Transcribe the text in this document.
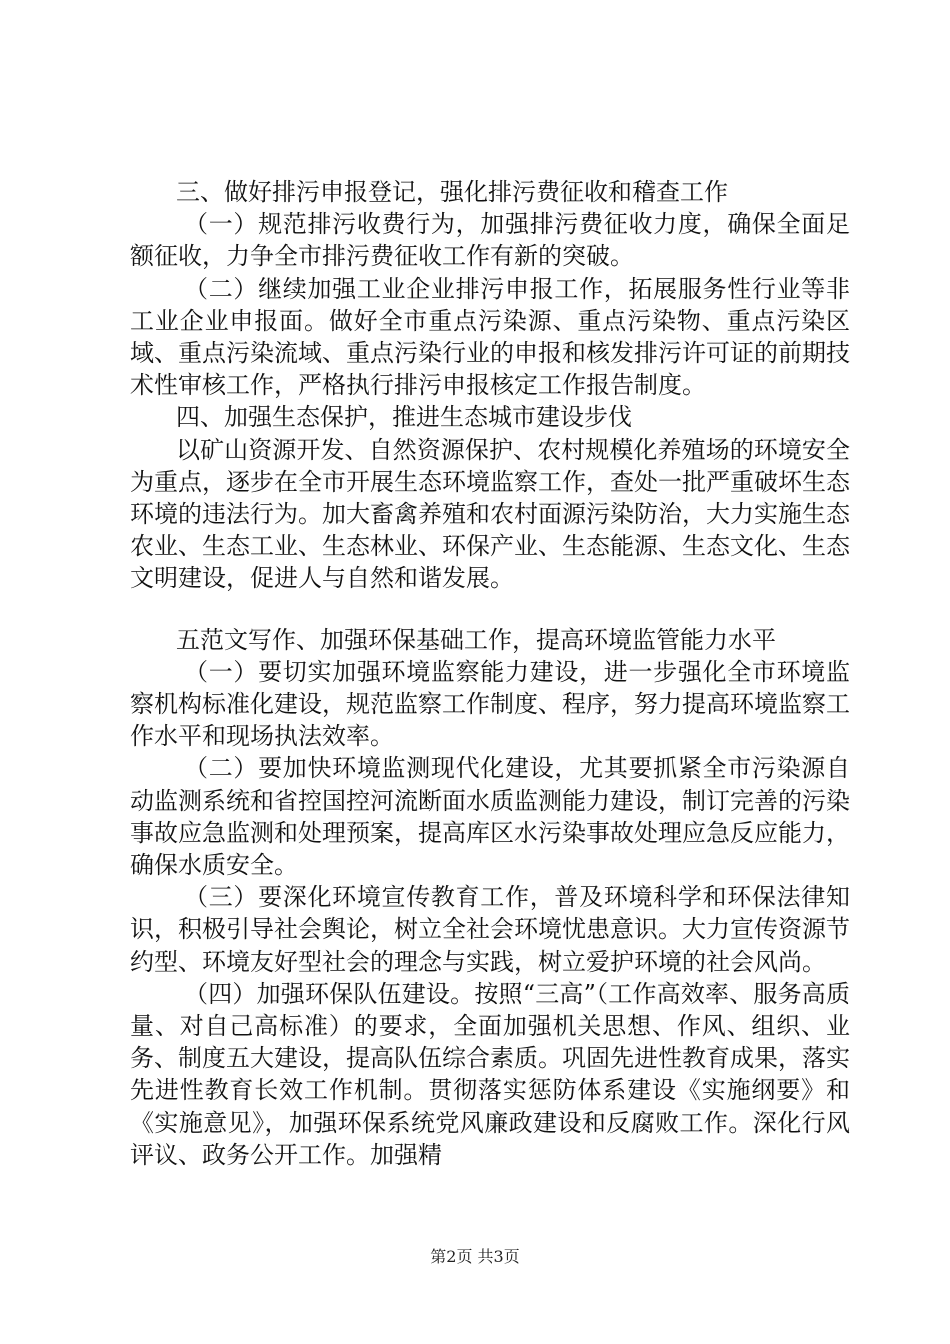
三、做好排污申报登记，强化排污费征收和稽查工作

（一）规范排污收费行为，加强排污费征收力度，确保全面足额征收，力争全市排污费征收工作有新的突破。

（二）继续加强工业企业排污申报工作，拓展服务性行业等非工业企业申报面。做好全市重点污染源、重点污染物、重点污染区域、重点污染流域、重点污染行业的申报和核发排污许可证的前期技术性审核工作，严格执行排污申报核定工作报告制度。

四、加强生态保护，推进生态城市建设步伐

以矿山资源开发、自然资源保护、农村规模化养殖场的环境安全为重点，逐步在全市开展生态环境监察工作，查处一批严重破坏生态环境的违法行为。加大畜禽养殖和农村面源污染防治，大力实施生态农业、生态工业、生态林业、环保产业、生态能源、生态文化、生态文明建设，促进人与自然和谐发展。

五范文写作、加强环保基础工作，提高环境监管能力水平

（一）要切实加强环境监察能力建设，进一步强化全市环境监察机构标准化建设，规范监察工作制度、程序，努力提高环境监察工作水平和现场执法效率。

（二）要加快环境监测现代化建设，尤其要抓紧全市污染源自动监测系统和省控国控河流断面水质监测能力建设，制订完善的污染事故应急监测和处理预案，提高库区水污染事故处理应急反应能力，确保水质安全。

（三）要深化环境宣传教育工作，普及环境科学和环保法律知识，积极引导社会舆论，树立全社会环境忧患意识。大力宣传资源节约型、环境友好型社会的理念与实践，树立爱护环境的社会风尚。

（四）加强环保队伍建设。按照“三高”（工作高效率、服务高质量、对自己高标准）的要求，全面加强机关思想、作风、组织、业务、制度五大建设，提高队伍综合素质。巩固先进性教育成果，落实先进性教育长效工作机制。贯彻落实惩防体系建设《实施纲要》和《实施意见》，加强环保系统党风廉政建设和反腐败工作。深化行风评议、政务公开工作。加强精

第2页 共3页
